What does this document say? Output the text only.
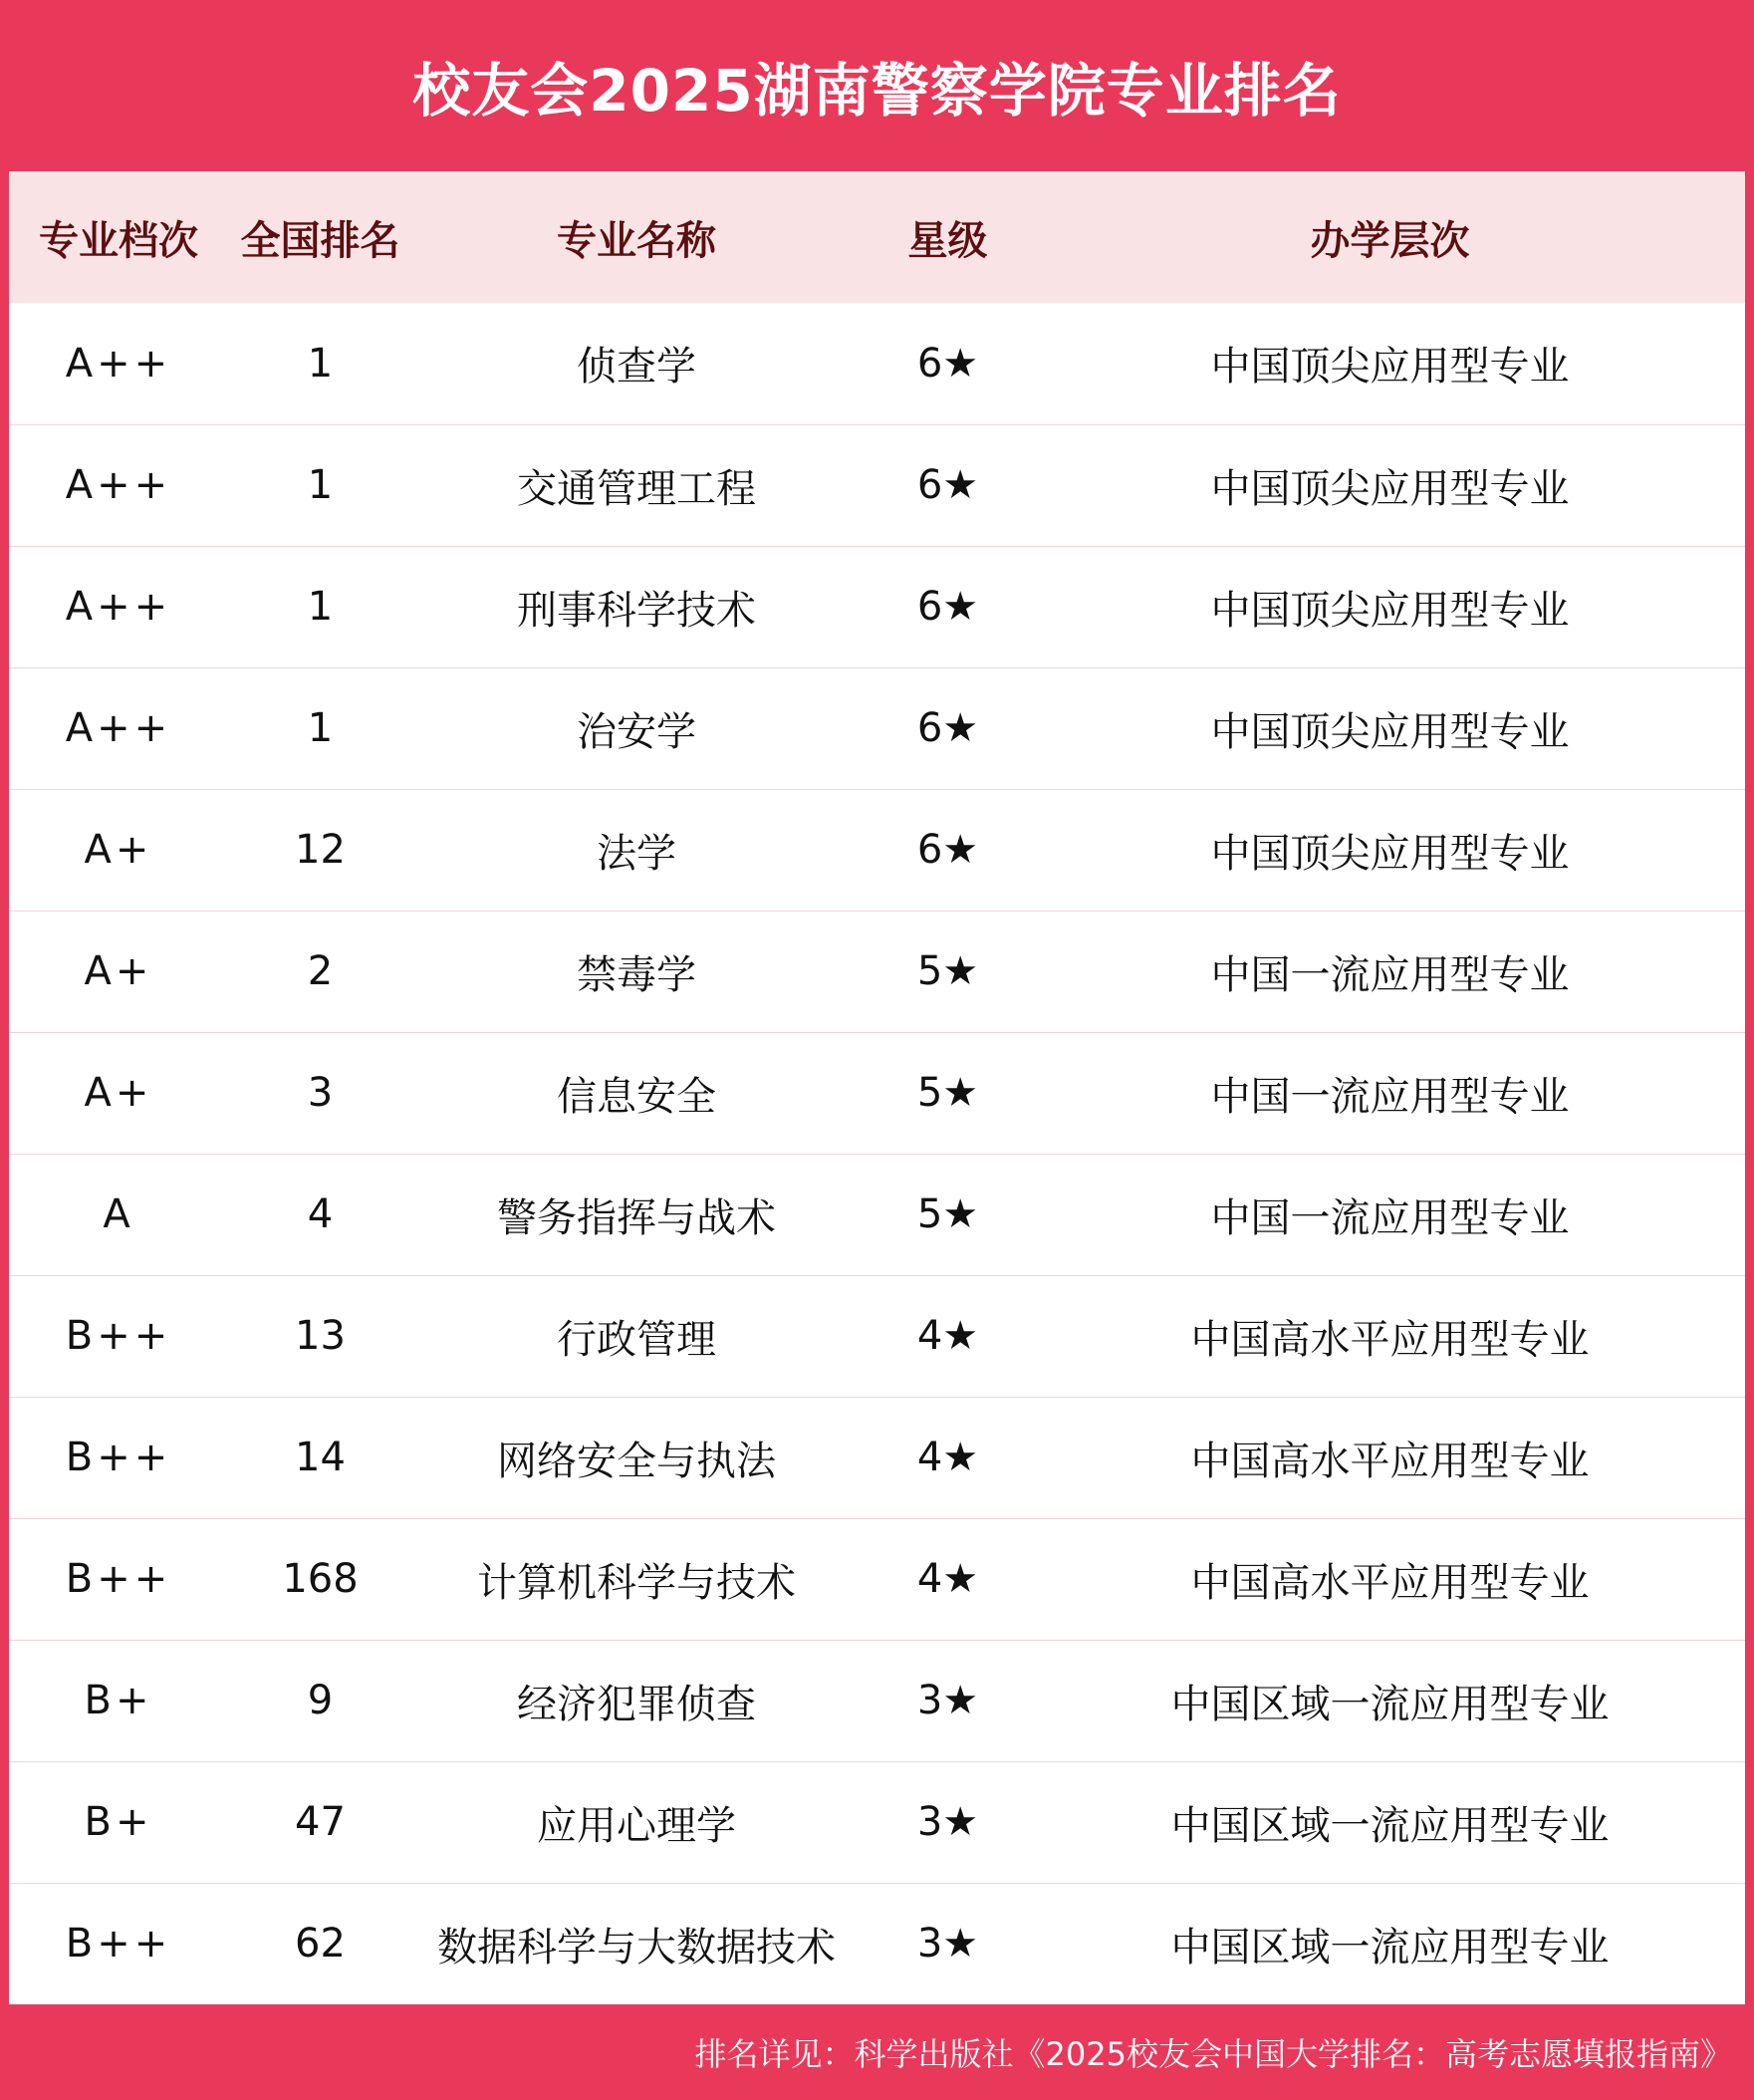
校友会2025湖南警察学院专业排名
专业档次	全国排名	专业名称	星级	办学层次
A++	1	侦查学	6★	中国顶尖应用型专业
A++	1	交通管理工程	6★	中国顶尖应用型专业
A++	1	刑事科学技术	6★	中国顶尖应用型专业
A++	1	治安学	6★	中国顶尖应用型专业
A+	12	法学	6★	中国顶尖应用型专业
A+	2	禁毒学	5★	中国一流应用型专业
A+	3	信息安全	5★	中国一流应用型专业
A	4	警务指挥与战术	5★	中国一流应用型专业
B++	13	行政管理	4★	中国高水平应用型专业
B++	14	网络安全与执法	4★	中国高水平应用型专业
B++	168	计算机科学与技术	4★	中国高水平应用型专业
B+	9	经济犯罪侦查	3★	中国区域一流应用型专业
B+	47	应用心理学	3★	中国区域一流应用型专业
B++	62	数据科学与大数据技术	3★	中国区域一流应用型专业
排名详见：科学出版社《2025校友会中国大学排名：高考志愿填报指南》
